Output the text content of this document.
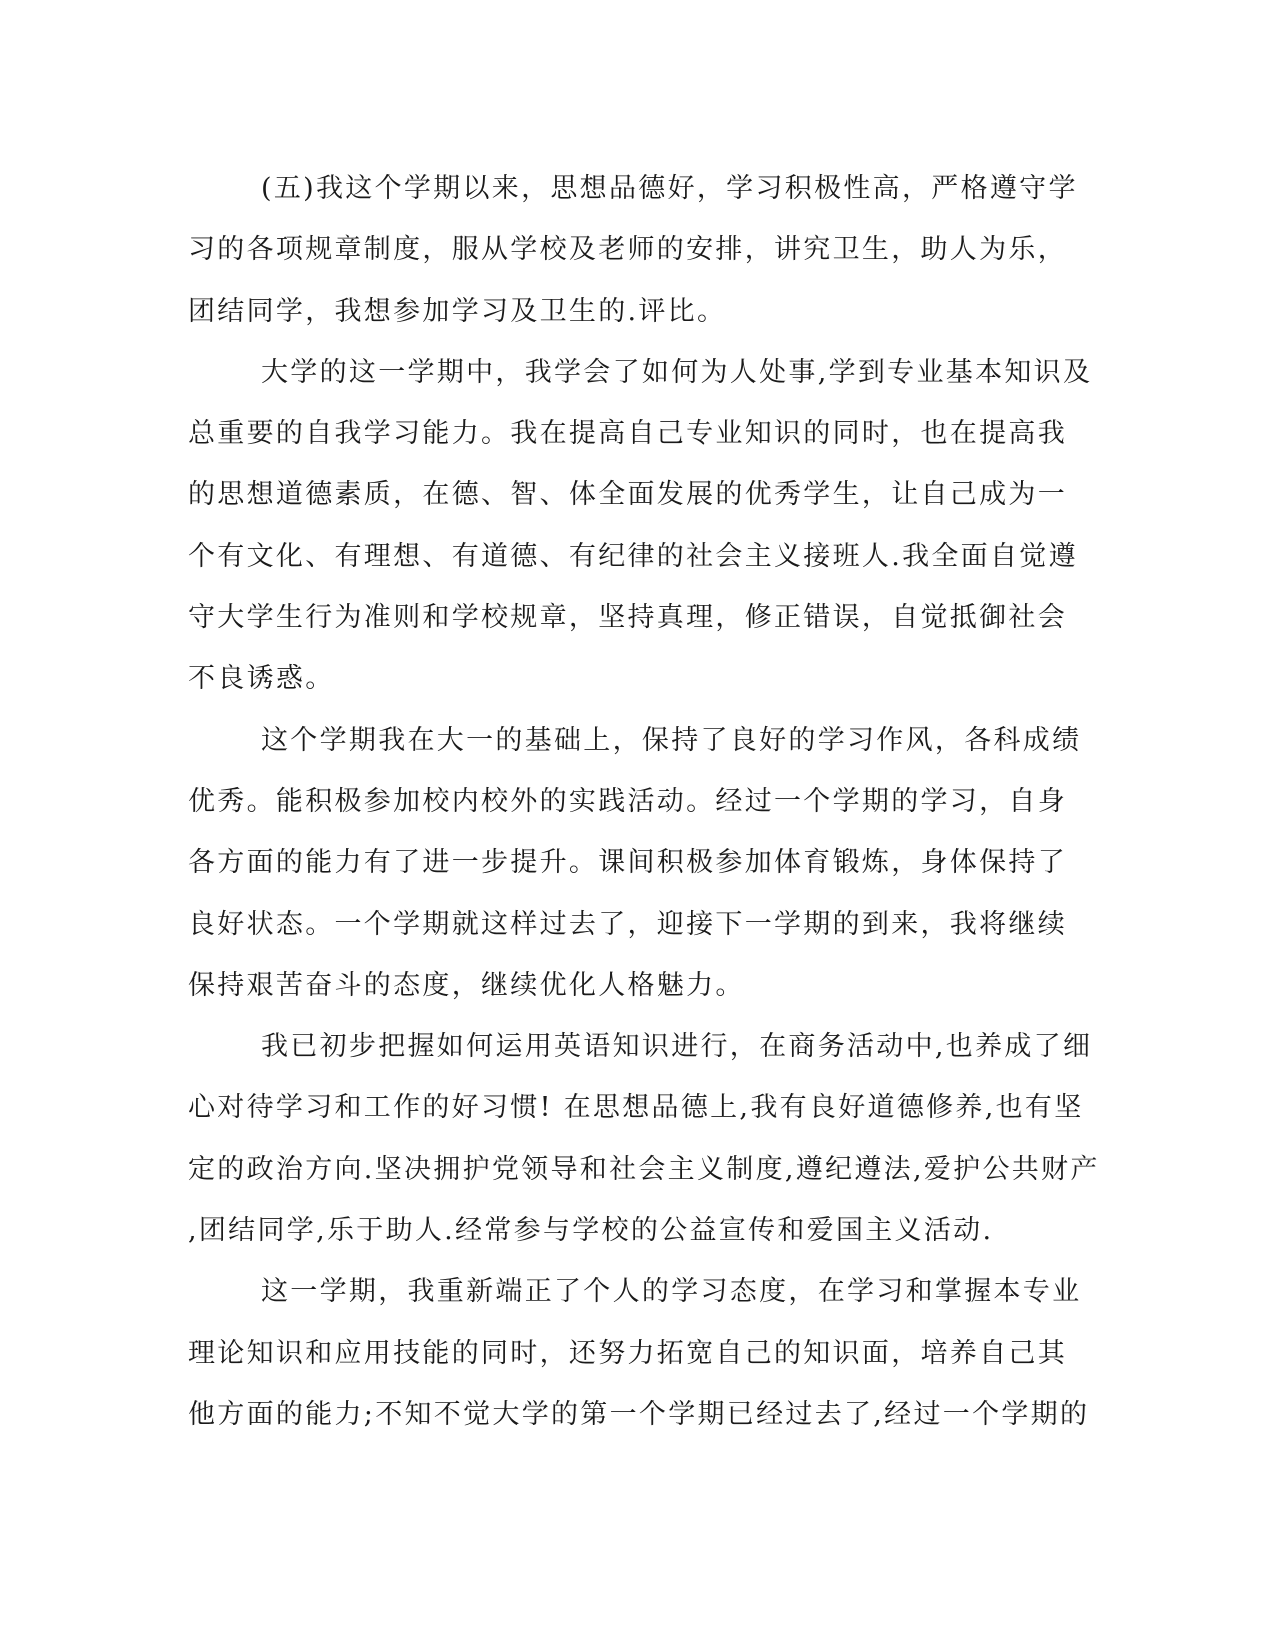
(五)我这个学期以来，思想品德好，学习积极性高，严格遵守学
习的各项规章制度，服从学校及老师的安排，讲究卫生，助人为乐，
团结同学，我想参加学习及卫生的.评比。

大学的这一学期中，我学会了如何为人处事,学到专业基本知识及
总重要的自我学习能力。我在提高自己专业知识的同时，也在提高我
的思想道德素质，在德、智、体全面发展的优秀学生，让自己成为一
个有文化、有理想、有道德、有纪律的社会主义接班人.我全面自觉遵
守大学生行为准则和学校规章，坚持真理，修正错误，自觉抵御社会
不良诱惑。

这个学期我在大一的基础上，保持了良好的学习作风，各科成绩
优秀。能积极参加校内校外的实践活动。经过一个学期的学习，自身
各方面的能力有了进一步提升。课间积极参加体育锻炼，身体保持了
良好状态。一个学期就这样过去了，迎接下一学期的到来，我将继续
保持艰苦奋斗的态度，继续优化人格魅力。

我已初步把握如何运用英语知识进行，在商务活动中,也养成了细
心对待学习和工作的好习惯! 在思想品德上,我有良好道德修养,也有坚
定的政治方向.坚决拥护党领导和社会主义制度,遵纪遵法,爱护公共财产
,团结同学,乐于助人.经常参与学校的公益宣传和爱国主义活动.

这一学期，我重新端正了个人的学习态度，在学习和掌握本专业
理论知识和应用技能的同时，还努力拓宽自己的知识面，培养自己其
他方面的能力;不知不觉大学的第一个学期已经过去了,经过一个学期的
